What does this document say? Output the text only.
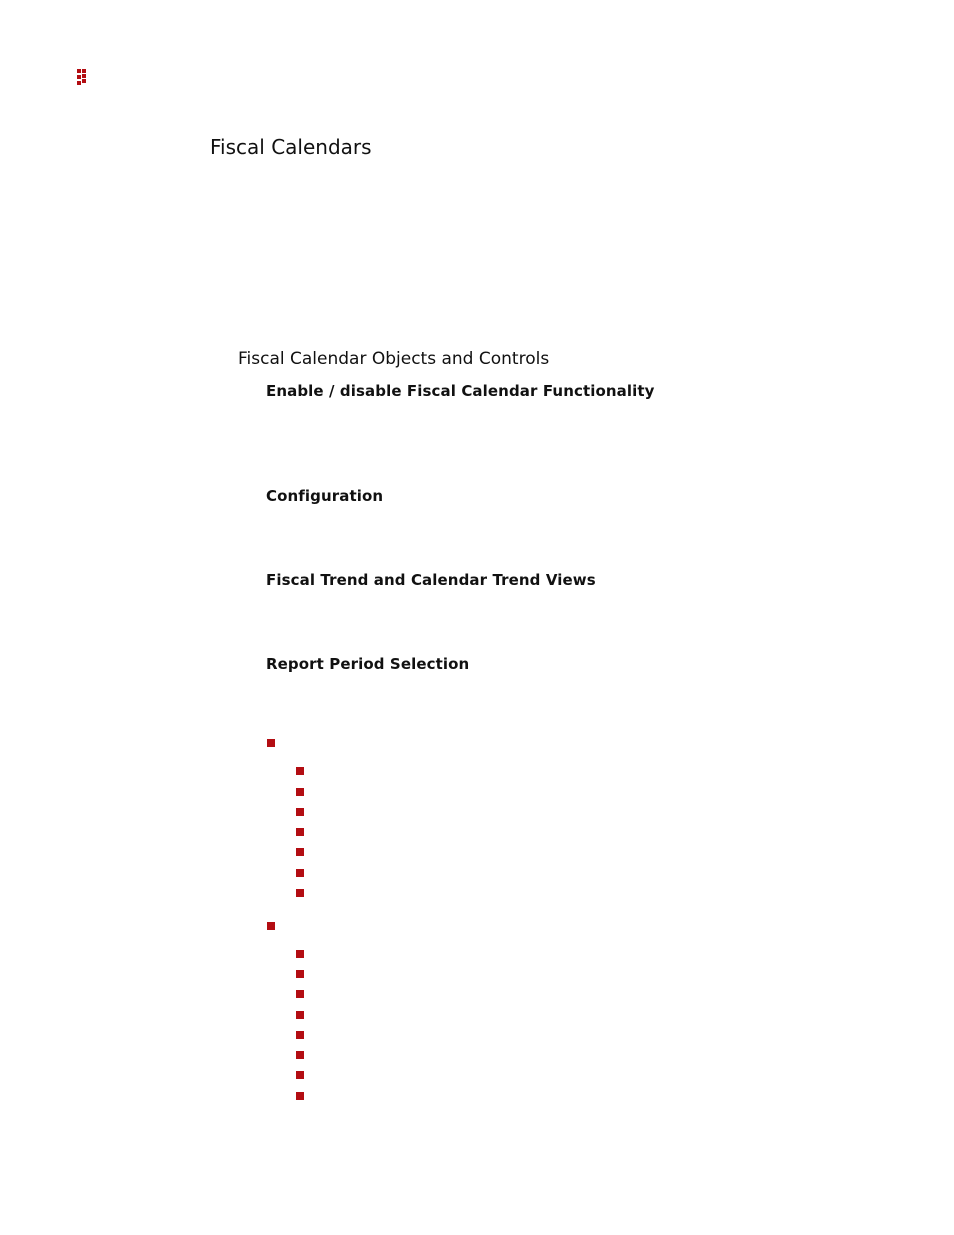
Fiscal Calendars
Fiscal Calendar Objects and Controls
Enable / disable Fiscal Calendar Functionality
Configuration
Fiscal Trend and Calendar Trend Views
Report Period Selection
